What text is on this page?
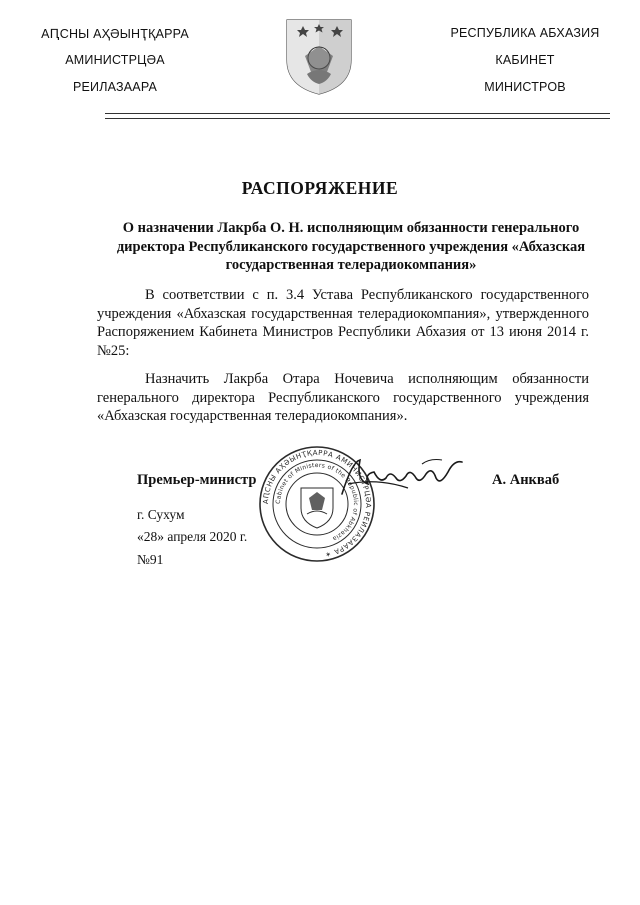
АԤСНЫ АҲӘЫНҬҚАРРА
АМИНИСТРЦӘА
РЕИЛАЗААРА
РЕСПУБЛИКА АБХАЗИЯ
КАБИНЕТ
МИНИСТРОВ
РАСПОРЯЖЕНИЕ
О назначении Лакрба О. Н. исполняющим обязанности генерального директора Республиканского государственного учреждения «Абхазская государственная телерадиокомпания»
В соответствии с п. 3.4 Устава Республиканского государственного учреждения «Абхазская государственная телерадиокомпания», утвержденного Распоряжением Кабинета Министров Республики Абхазия от 13 июня 2014 г. №25:
Назначить Лакрба Отара Ночевича исполняющим обязанности генерального директора Республиканского государственного учреждения «Абхазская государственная телерадиокомпания».
АԤСНЫ АҲӘЫНҬҚАРРА АМИНИСТРЦӘА РЕИЛАЗААРА ✶
Cabinet of Ministers of the Republic of Abkhazia
Премьер-министр	А. Анкваб
г. Сухум
«28» апреля 2020 г.
№91
